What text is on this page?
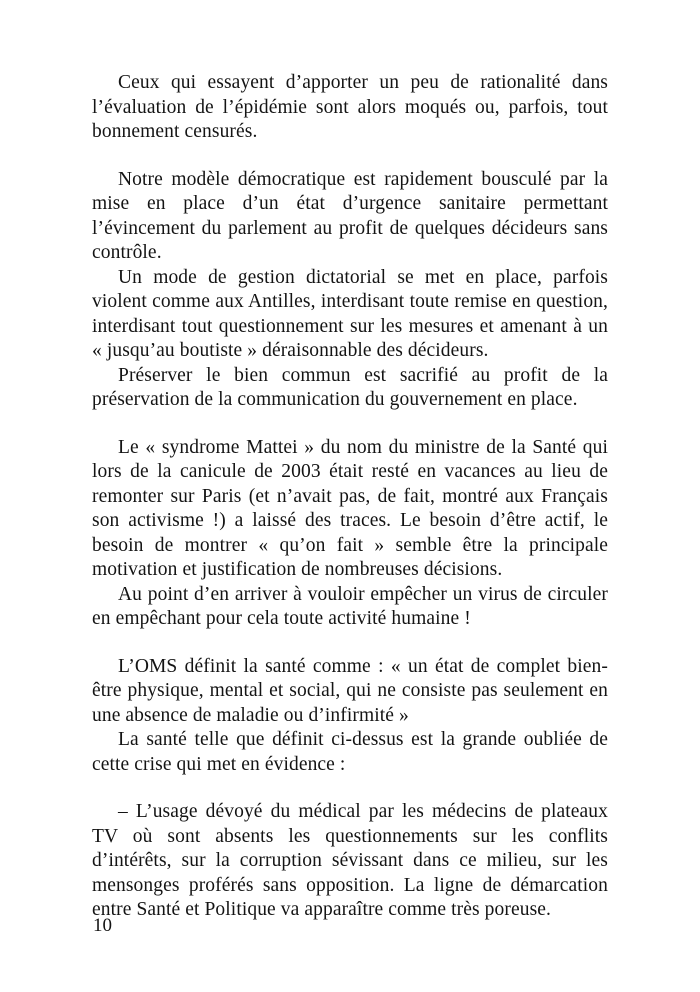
Ceux qui essayent d’apporter un peu de rationalité dans l’évaluation de l’épidémie sont alors moqués ou, parfois, tout bonnement censurés.

Notre modèle démocratique est rapidement bousculé par la mise en place d’un état d’urgence sanitaire permettant l’évincement du parlement au profit de quelques décideurs sans contrôle.

Un mode de gestion dictatorial se met en place, parfois violent comme aux Antilles, interdisant toute remise en question, interdisant tout questionnement sur les mesures et amenant à un « jusqu’au boutiste » déraisonnable des décideurs.

Préserver le bien commun est sacrifié au profit de la préservation de la communication du gouvernement en place.

Le « syndrome Mattei » du nom du ministre de la Santé qui lors de la canicule de 2003 était resté en vacances au lieu de remonter sur Paris (et n’avait pas, de fait, montré aux Français son activisme !) a laissé des traces. Le besoin d’être actif, le besoin de montrer « qu’on fait » semble être la principale motivation et justification de nombreuses décisions.

Au point d’en arriver à vouloir empêcher un virus de circuler en empêchant pour cela toute activité humaine !

L’OMS définit la santé comme : « un état de complet bien-être physique, mental et social, qui ne consiste pas seulement en une absence de maladie ou d’infirmité »

La santé telle que définit ci-dessus est la grande oubliée de cette crise qui met en évidence :

– L’usage dévoyé du médical par les médecins de plateaux TV où sont absents les questionnements sur les conflits d’intérêts, sur la corruption sévissant dans ce milieu, sur les mensonges proférés sans opposition. La ligne de démarcation entre Santé et Politique va apparaître comme très poreuse.

10
